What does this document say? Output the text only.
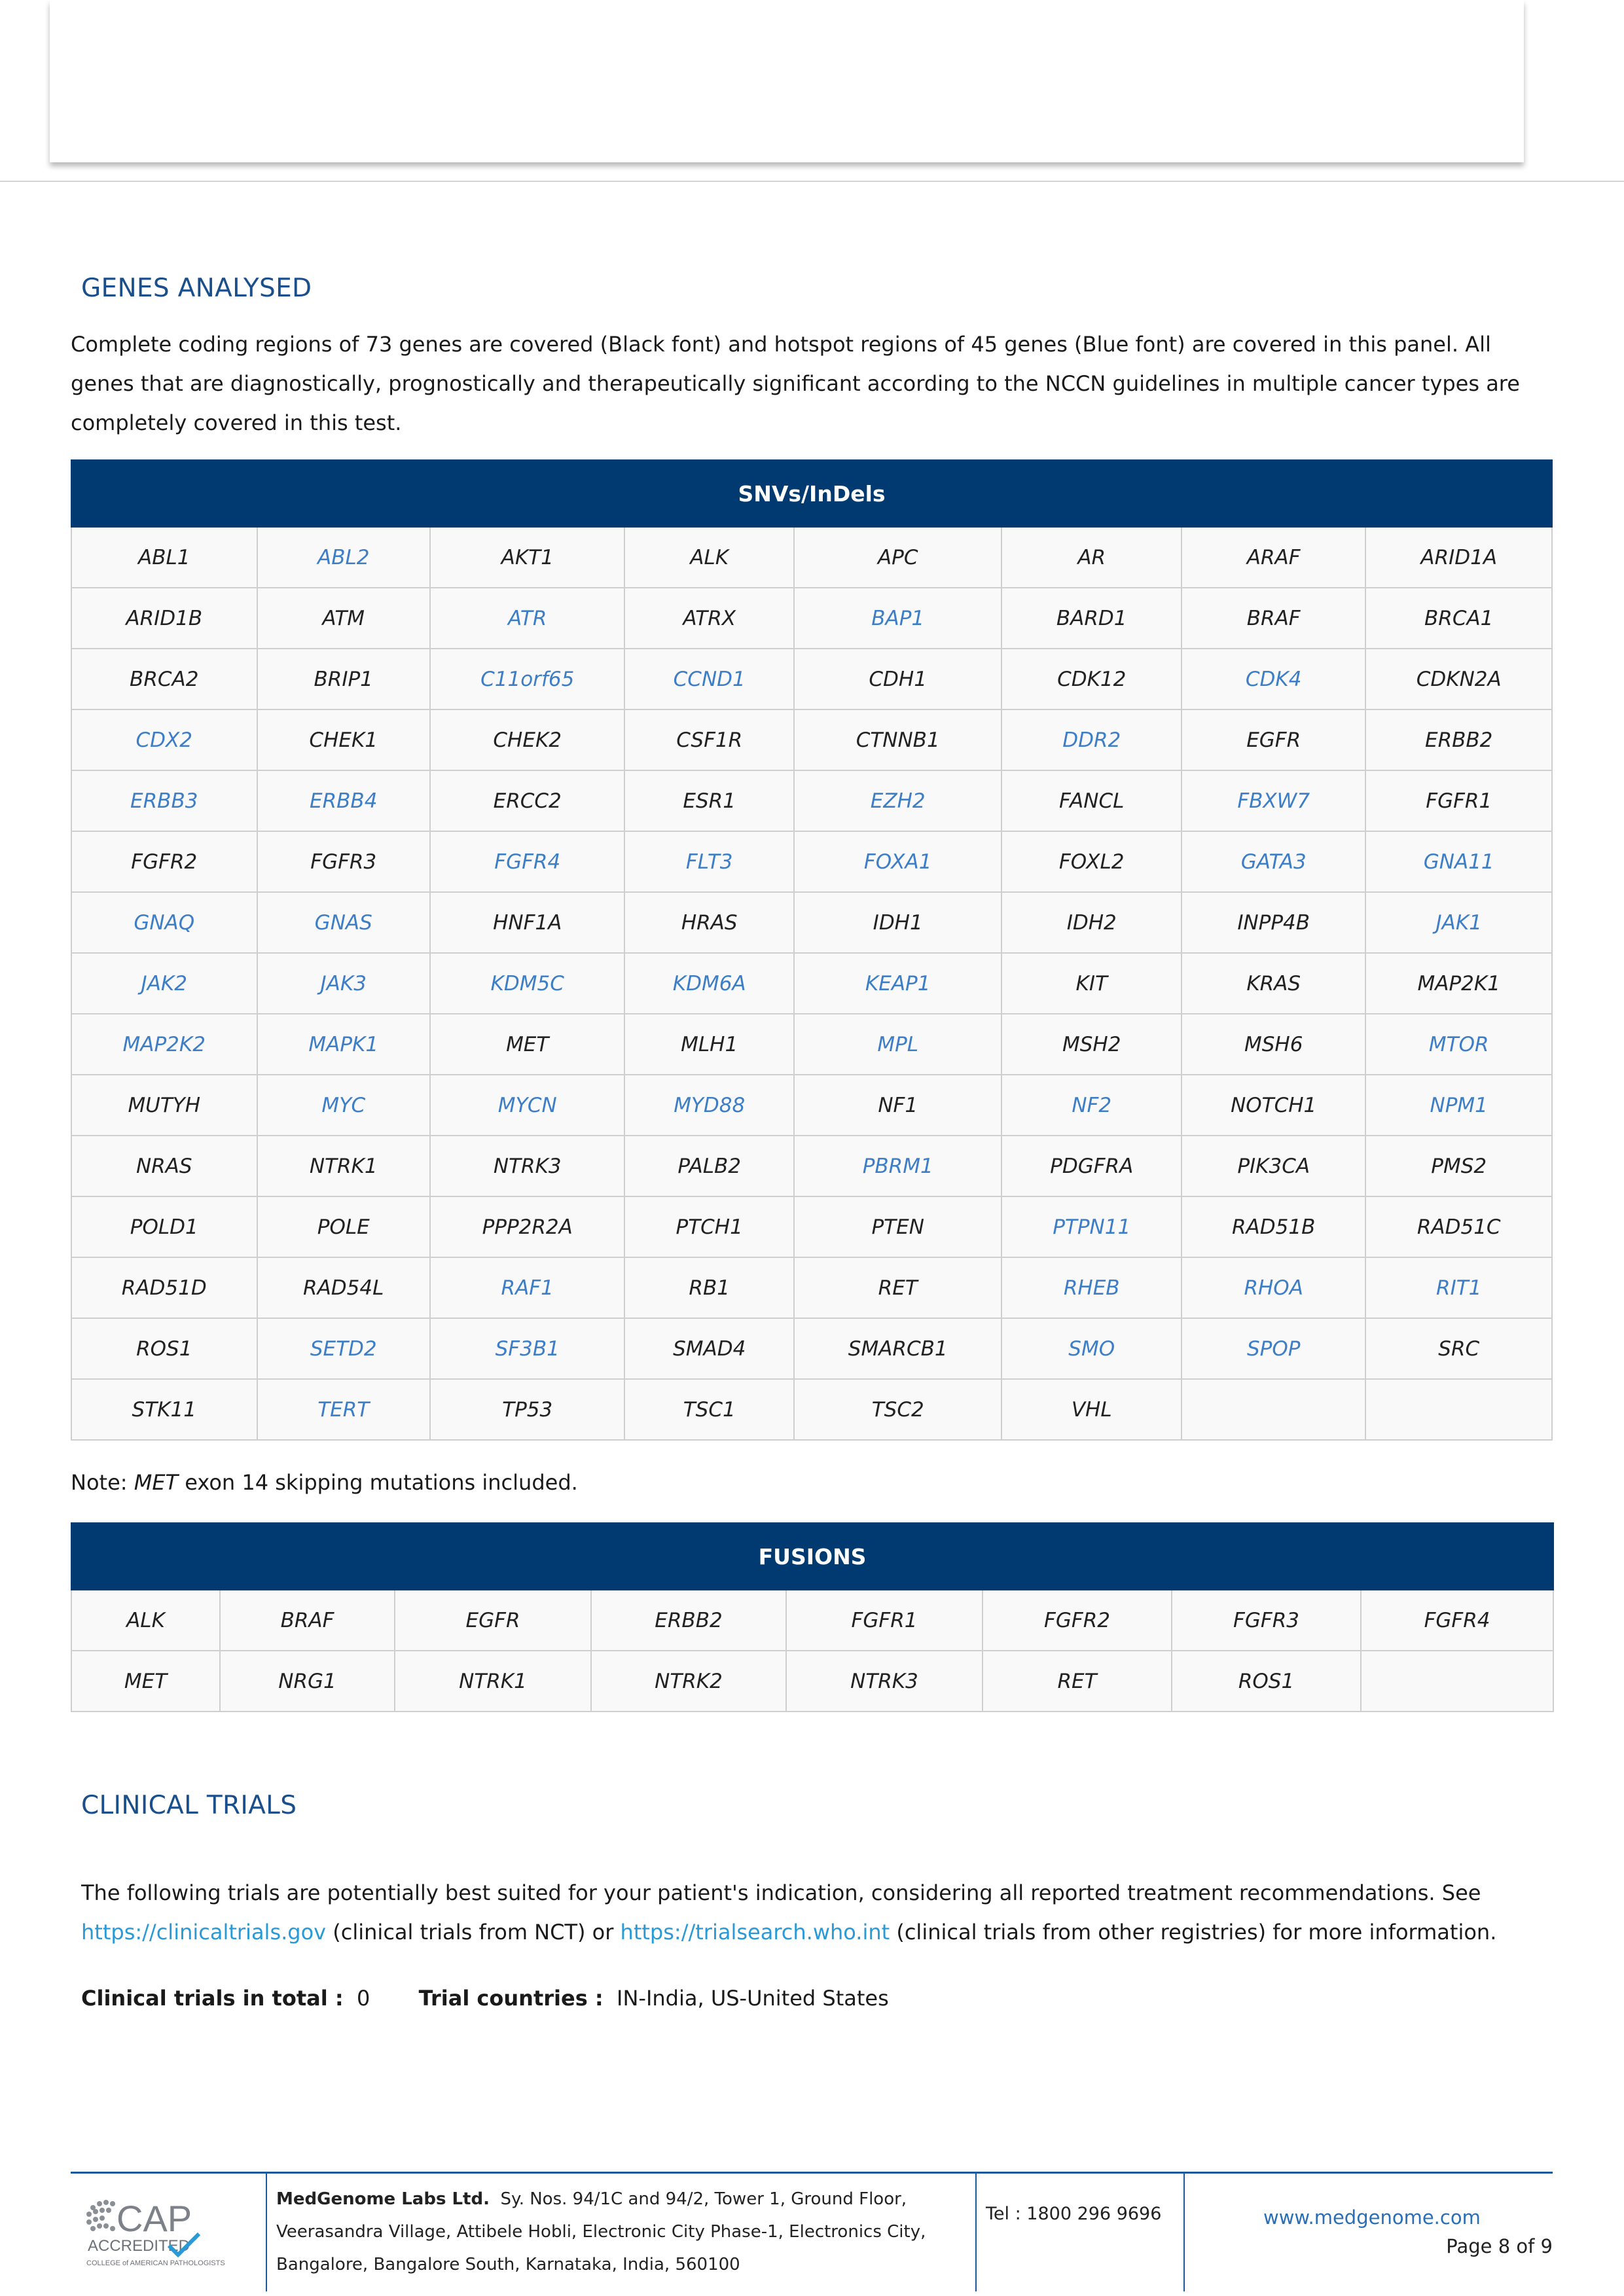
GENES ANALYSED

Complete coding regions of 73 genes are covered (Black font) and hotspot regions of 45 genes (Blue font) are covered in this panel. All genes that are diagnostically, prognostically and therapeutically significant according to the NCCN guidelines in multiple cancer types are completely covered in this test.

SNVs/InDels							
ABL1	ABL2	AKT1	ALK	APC	AR	ARAF	ARID1A
ARID1B	ATM	ATR	ATRX	BAP1	BARD1	BRAF	BRCA1
BRCA2	BRIP1	C11orf65	CCND1	CDH1	CDK12	CDK4	CDKN2A
CDX2	CHEK1	CHEK2	CSF1R	CTNNB1	DDR2	EGFR	ERBB2
ERBB3	ERBB4	ERCC2	ESR1	EZH2	FANCL	FBXW7	FGFR1
FGFR2	FGFR3	FGFR4	FLT3	FOXA1	FOXL2	GATA3	GNA11
GNAQ	GNAS	HNF1A	HRAS	IDH1	IDH2	INPP4B	JAK1
JAK2	JAK3	KDM5C	KDM6A	KEAP1	KIT	KRAS	MAP2K1
MAP2K2	MAPK1	MET	MLH1	MPL	MSH2	MSH6	MTOR
MUTYH	MYC	MYCN	MYD88	NF1	NF2	NOTCH1	NPM1
NRAS	NTRK1	NTRK3	PALB2	PBRM1	PDGFRA	PIK3CA	PMS2
POLD1	POLE	PPP2R2A	PTCH1	PTEN	PTPN11	RAD51B	RAD51C
RAD51D	RAD54L	RAF1	RB1	RET	RHEB	RHOA	RIT1
ROS1	SETD2	SF3B1	SMAD4	SMARCB1	SMO	SPOP	SRC
STK11	TERT	TP53	TSC1	TSC2	VHL		
Note: MET exon 14 skipping mutations included.
FUSIONS							
ALK	BRAF	EGFR	ERBB2	FGFR1	FGFR2	FGFR3	FGFR4
MET	NRG1	NTRK1	NTRK2	NTRK3	RET	ROS1	
CLINICAL TRIALS

The following trials are potentially best suited for your patient's indication, considering all reported treatment recommendations. See https://clinicaltrials.gov (clinical trials from NCT) or https://trialsearch.who.int (clinical trials from other registries) for more information.

Clinical trials in total : 0 Trial countries : IN-India, US-United States
CAP
ACCREDITED
COLLEGE of AMERICAN PATHOLOGISTS
MedGenome Labs Ltd. Sy. Nos. 94/1C and 94/2, Tower 1, Ground Floor,
Veerasandra Village, Attibele Hobli, Electronic City Phase-1, Electronics City,
Bangalore, Bangalore South, Karnataka, India, 560100
Tel : 1800 296 9696	www.medgenome.com
Page 8 of 9
